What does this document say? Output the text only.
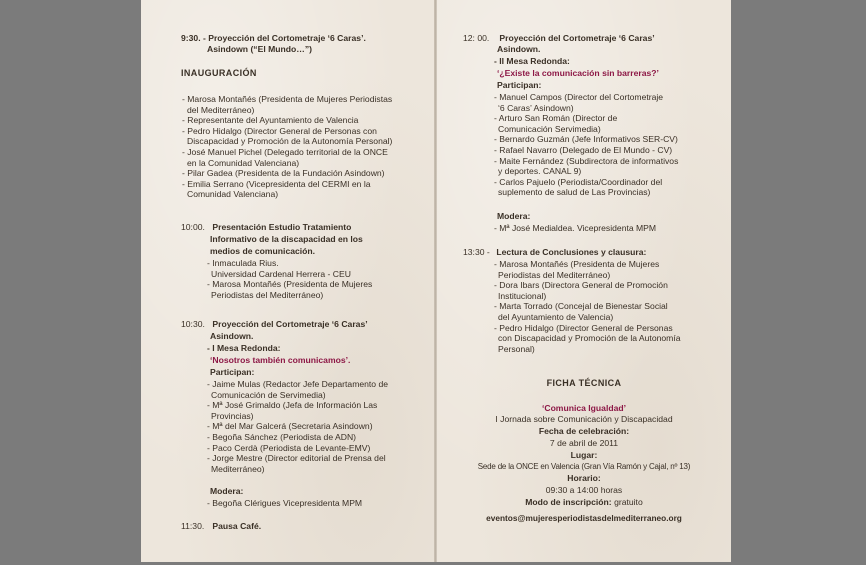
9:30. - Proyección del Cortometraje ‘6 Caras’.
Asindown (“El Mundo…”)
INAUGURACIÓN
- Marosa Montañés (Presidenta de Mujeres Periodistas
del Mediterráneo)
- Representante del Ayuntamiento de Valencia
- Pedro Hidalgo (Director General de Personas con
Discapacidad y Promoción de la Autonomía Personal)
- José Manuel Pichel (Delegado territorial de la ONCE
en la Comunidad Valenciana)
- Pilar Gadea (Presidenta de la Fundación Asindown)
- Emilia Serrano (Vicepresidenta del CERMI en la
Comunidad Valenciana)
10:00. Presentación Estudio Tratamiento
Informativo de la discapacidad en los
medios de comunicación.
- Inmaculada Rius.
Universidad Cardenal Herrera - CEU
- Marosa Montañés (Presidenta de Mujeres
Periodistas del Mediterráneo)
10:30. Proyección del Cortometraje ‘6 Caras’
Asindown.
- I Mesa Redonda:
‘Nosotros también comunicamos’.
Participan:
- Jaime Mulas (Redactor Jefe Departamento de
Comunicación de Servimedia)
- Mª José Grimaldo (Jefa de Información Las
Provincias)
- Mª del Mar Galcerá (Secretaria Asindown)
- Begoña Sánchez (Periodista de ADN)
- Paco Cerdà (Periodista de Levante-EMV)
- Jorge Mestre (Director editorial de Prensa del
Mediterráneo)
Modera:
- Begoña Clérigues Vicepresidenta MPM
11:30. Pausa Café.
12: 00. Proyección del Cortometraje ‘6 Caras’
Asindown.
- II Mesa Redonda:
‘¿Existe la comunicación sin barreras?’
Participan:
- Manuel Campos (Director del Cortometraje
‘6 Caras’ Asindown)
- Arturo San Román (Director de
Comunicación Servimedia)
- Bernardo Guzmán (Jefe Informativos SER-CV)
- Rafael Navarro (Delegado de El Mundo - CV)
- Maite Fernández (Subdirectora de informativos
y deportes. CANAL 9)
- Carlos Pajuelo (Periodista/Coordinador del
suplemento de salud de Las Provincias)
Modera:
- Mª José Medialdea. Vicepresidenta MPM
13:30 - Lectura de Conclusiones y clausura:
- Marosa Montañés (Presidenta de Mujeres
Periodistas del Mediterráneo)
- Dora Ibars (Directora General de Promoción
Institucional)
- Marta Torrado (Concejal de Bienestar Social
del Ayuntamiento de Valencia)
- Pedro Hidalgo (Director General de Personas
con Discapacidad y Promoción de la Autonomía
Personal)
FICHA TÉCNICA
‘Comunica Igualdad’
I Jornada sobre Comunicación y Discapacidad
Fecha de celebración:
7 de abril de 2011
Lugar:
Sede de la ONCE en Valencia (Gran Vía Ramón y Cajal, nº 13)
Horario:
09:30 a 14:00 horas
Modo de inscripción: gratuito
eventos@mujeresperiodistasdelmediterraneo.org
